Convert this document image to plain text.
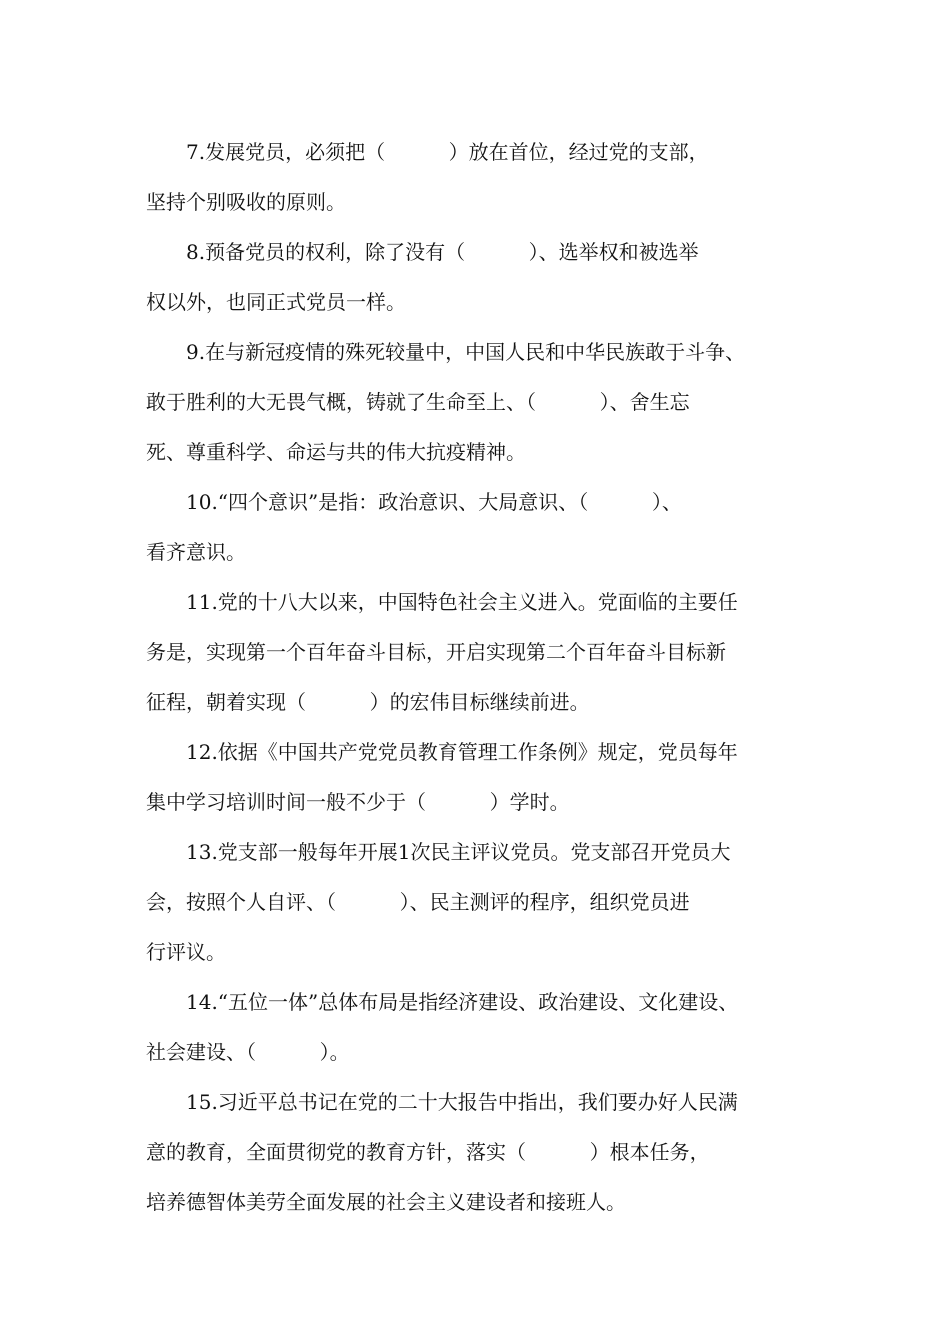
7.发展党员，必须把（          ）放在首位，经过党的支部，

坚持个别吸收的原则。

8.预备党员的权利，除了没有（          ）、选举权和被选举

权以外，也同正式党员一样。

9.在与新冠疫情的殊死较量中，中国人民和中华民族敢于斗争、

敢于胜利的大无畏气概，铸就了生命至上、（          ）、舍生忘

死、尊重科学、命运与共的伟大抗疫精神。

10.“四个意识”是指：政治意识、大局意识、（          ）、

看齐意识。

11.党的十八大以来，中国特色社会主义进入。党面临的主要任

务是，实现第一个百年奋斗目标，开启实现第二个百年奋斗目标新

征程，朝着实现（          ）的宏伟目标继续前进。

12.依据《中国共产党党员教育管理工作条例》规定，党员每年

集中学习培训时间一般不少于（          ）学时。

13.党支部一般每年开展1次民主评议党员。党支部召开党员大

会，按照个人自评、（          ）、民主测评的程序，组织党员进

行评议。

14.“五位一体”总体布局是指经济建设、政治建设、文化建设、

社会建设、（          ）。

15.习近平总书记在党的二十大报告中指出，我们要办好人民满

意的教育，全面贯彻党的教育方针，落实（          ）根本任务，

培养德智体美劳全面发展的社会主义建设者和接班人。
